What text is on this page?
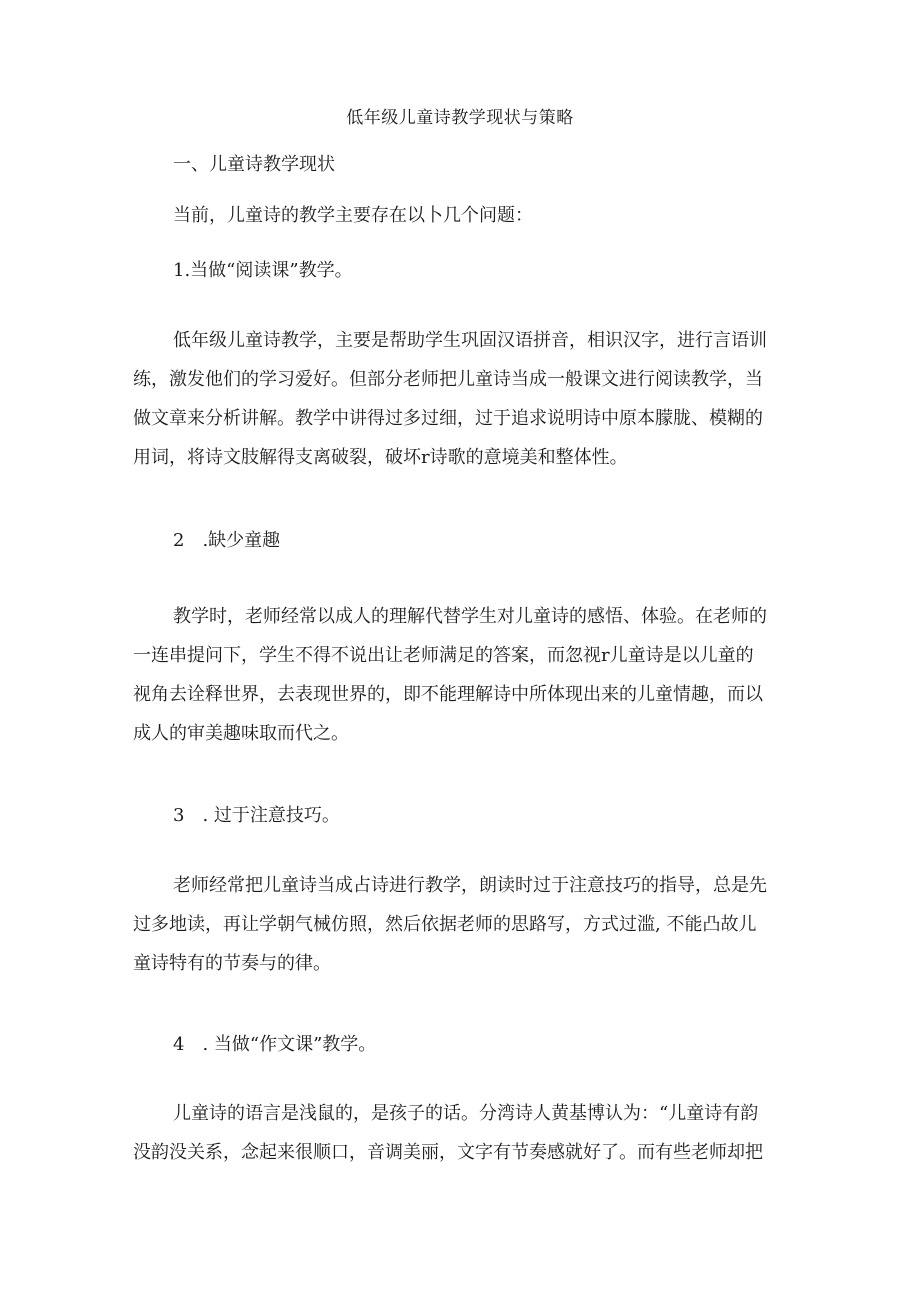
低年级儿童诗教学现状与策略
一、儿童诗教学现状
当前，儿童诗的教学主要存在以卜几个问题：
1.当做“阅读课”教学。
低年级儿童诗教学，主要是帮助学生巩固汉语拼音，相识汉字，进行言语训
练，激发他们的学习爱好。但部分老师把儿童诗当成一般课文进行阅读教学，当
做文章来分析讲解。教学中讲得过多过细，过于追求说明诗中原本朦胧、模糊的
用词，将诗文肢解得支离破裂，破坏r诗歌的意境美和整体性。
2　.缺少童趣
教学时，老师经常以成人的理解代替学生对儿童诗的感悟、体验。在老师的
一连串提问下，学生不得不说出让老师满足的答案，而忽视r儿童诗是以儿童的
视角去诠释世界，去表现世界的，即不能理解诗中所体现出来的儿童情趣，而以
成人的审美趣味取而代之。
3　. 过于注意技巧。
老师经常把儿童诗当成占诗进行教学，朗读时过于注意技巧的指导，总是先
过多地读，再让学朝气械仿照，然后依据老师的思路写，方式过滥, 不能凸故儿
童诗特有的节奏与的律。
4　. 当做“作文课”教学。
儿童诗的语言是浅鼠的，是孩子的话。分湾诗人黄基博认为：“儿童诗有韵
没韵没关系，念起来很顺口，音调美丽，文字有节奏感就好了。而有些老师却把
